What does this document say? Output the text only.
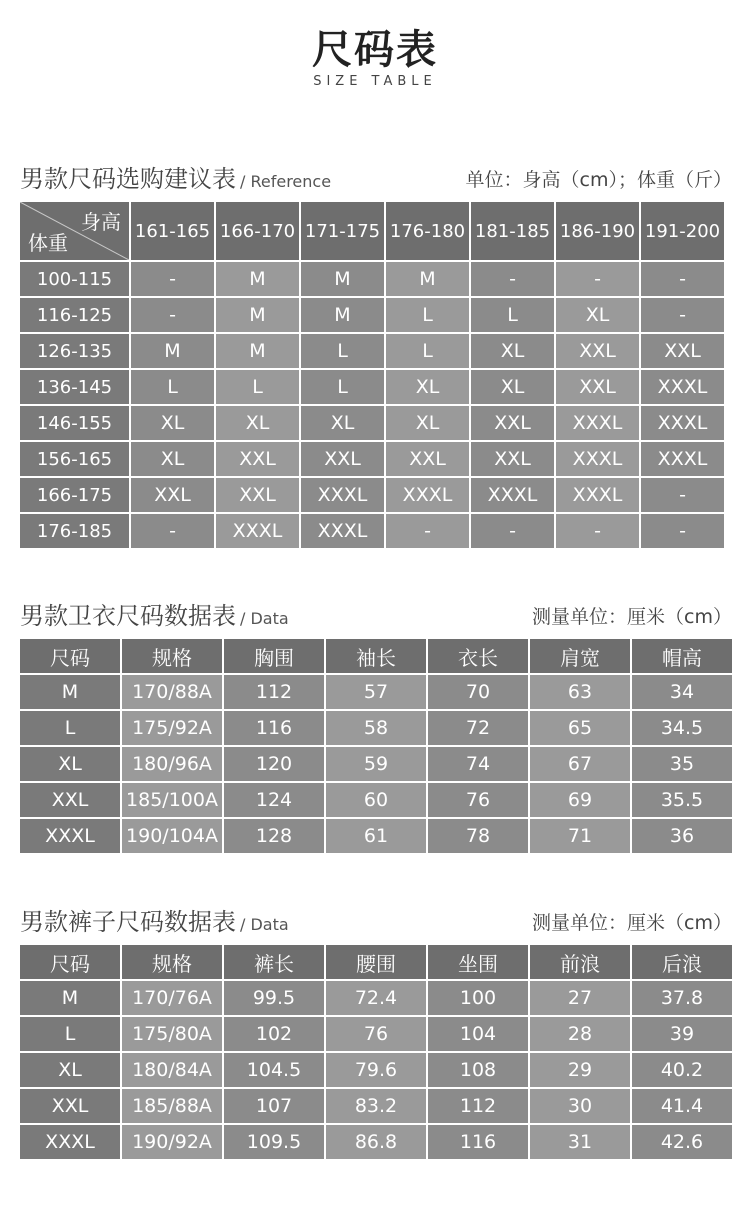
尺码表
SIZE TABLE
男款尺码选购建议表 / Reference	单位：身高（cm）；体重（斤）
身高
体重	161-165	166-170	171-175	176-180	181-185	186-190	191-200
100-115	-	M	M	M	-	-	-
116-125	-	M	M	L	L	XL	-
126-135	M	M	L	L	XL	XXL	XXL
136-145	L	L	L	XL	XL	XXL	XXXL
146-155	XL	XL	XL	XL	XXL	XXXL	XXXL
156-165	XL	XXL	XXL	XXL	XXL	XXXL	XXXL
166-175	XXL	XXL	XXXL	XXXL	XXXL	XXXL	-
176-185	-	XXXL	XXXL	-	-	-	-
男款卫衣尺码数据表 / Data	测量单位：厘米（cm）
尺码	规格	胸围	袖长	衣长	肩宽	帽高
M	170/88A	112	57	70	63	34
L	175/92A	116	58	72	65	34.5
XL	180/96A	120	59	74	67	35
XXL	185/100A	124	60	76	69	35.5
XXXL	190/104A	128	61	78	71	36
男款裤子尺码数据表 / Data	测量单位：厘米（cm）
尺码	规格	裤长	腰围	坐围	前浪	后浪
M	170/76A	99.5	72.4	100	27	37.8
L	175/80A	102	76	104	28	39
XL	180/84A	104.5	79.6	108	29	40.2
XXL	185/88A	107	83.2	112	30	41.4
XXXL	190/92A	109.5	86.8	116	31	42.6
